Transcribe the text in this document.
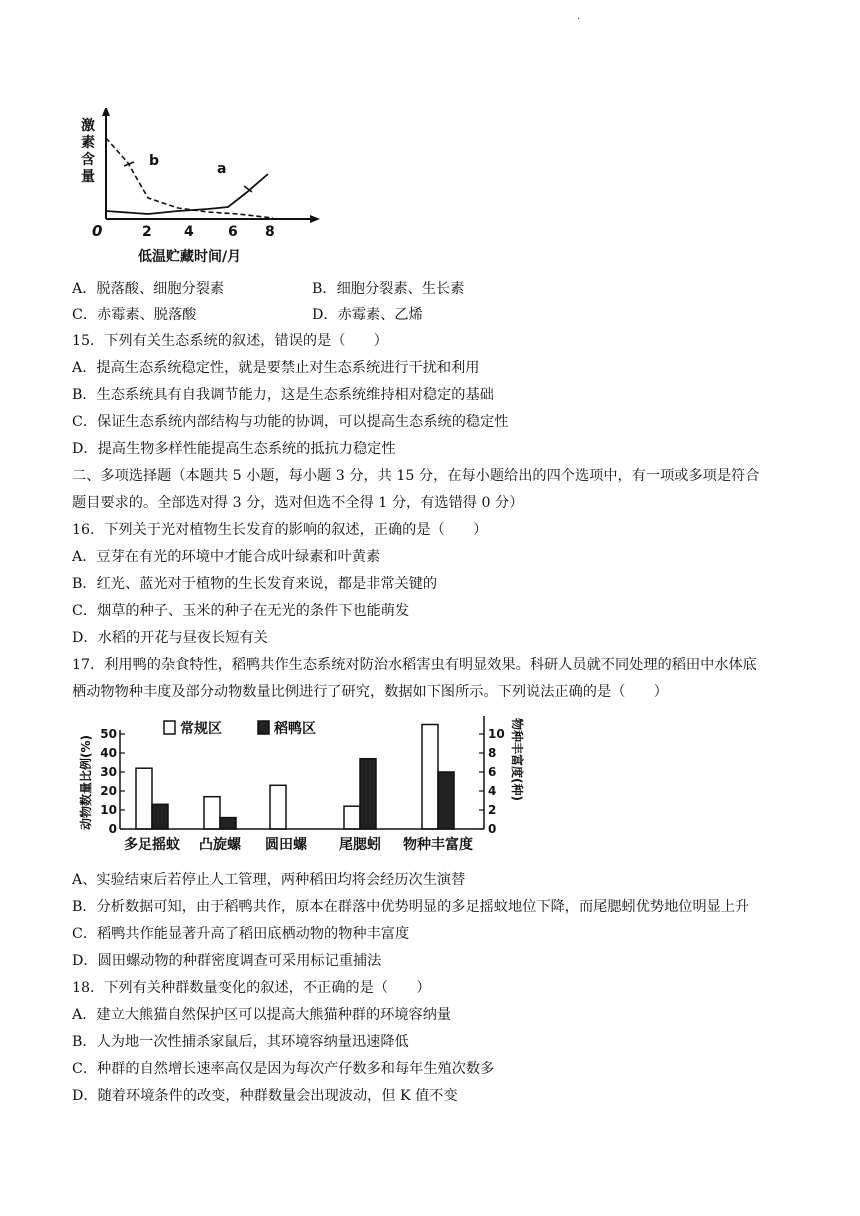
·
激素含量
b	a
0	2 4 6 8
低温贮藏时间/月
A．脱落酸、细胞分裂素	B．细胞分裂素、生长素
C．赤霉素、脱落酸	D．赤霉素、乙烯
15．下列有关生态系统的叙述，错误的是（　　）
A．提高生态系统稳定性，就是要禁止对生态系统进行干扰和利用
B．生态系统具有自我调节能力，这是生态系统维持相对稳定的基础
C．保证生态系统内部结构与功能的协调，可以提高生态系统的稳定性
D．提高生物多样性能提高生态系统的抵抗力稳定性
二、多项选择题（本题共 5 小题，每小题 3 分，共 15 分，在每小题给出的四个选项中，有一项或多项是符合
题目要求的。全部选对得 3 分，选对但选不全得 1 分，有选错得 0 分）
16．下列关于光对植物生长发育的影响的叙述，正确的是（　　）
A．豆芽在有光的环境中才能合成叶绿素和叶黄素
B．红光、蓝光对于植物的生长发育来说，都是非常关键的
C．烟草的种子、玉米的种子在无光的条件下也能萌发
D．水稻的开花与昼夜长短有关
17．利用鸭的杂食特性，稻鸭共作生态系统对防治水稻害虫有明显效果。科研人员就不同处理的稻田中水体底
栖动物物种丰度及部分动物数量比例进行了研究，数据如下图所示。下列说法正确的是（　　）
动物数量比例(%)	物种丰富度(种)
常规区	稻鸭区
0
10
20
30
40
50
0
2
4
6
8
10
多足摇蚊 凸旋螺 圆田螺 尾腮蚓 物种丰富度
A、实验结束后若停止人工管理，两种稻田均将会经历次生演替
B．分析数据可知，由于稻鸭共作，原本在群落中优势明显的多足摇蚊地位下降，而尾腮蚓优势地位明显上升
C．稻鸭共作能显著升高了稻田底栖动物的物种丰富度
D．圆田螺动物的种群密度调查可采用标记重捕法
18．下列有关种群数量变化的叙述，不正确的是（　　）
A．建立大熊猫自然保护区可以提高大熊猫种群的环境容纳量
B．人为地一次性捕杀家鼠后，其环境容纳量迅速降低
C．种群的自然增长速率高仅是因为每次产仔数多和每年生殖次数多
D．随着环境条件的改变，种群数量会出现波动，但 K 值不变
